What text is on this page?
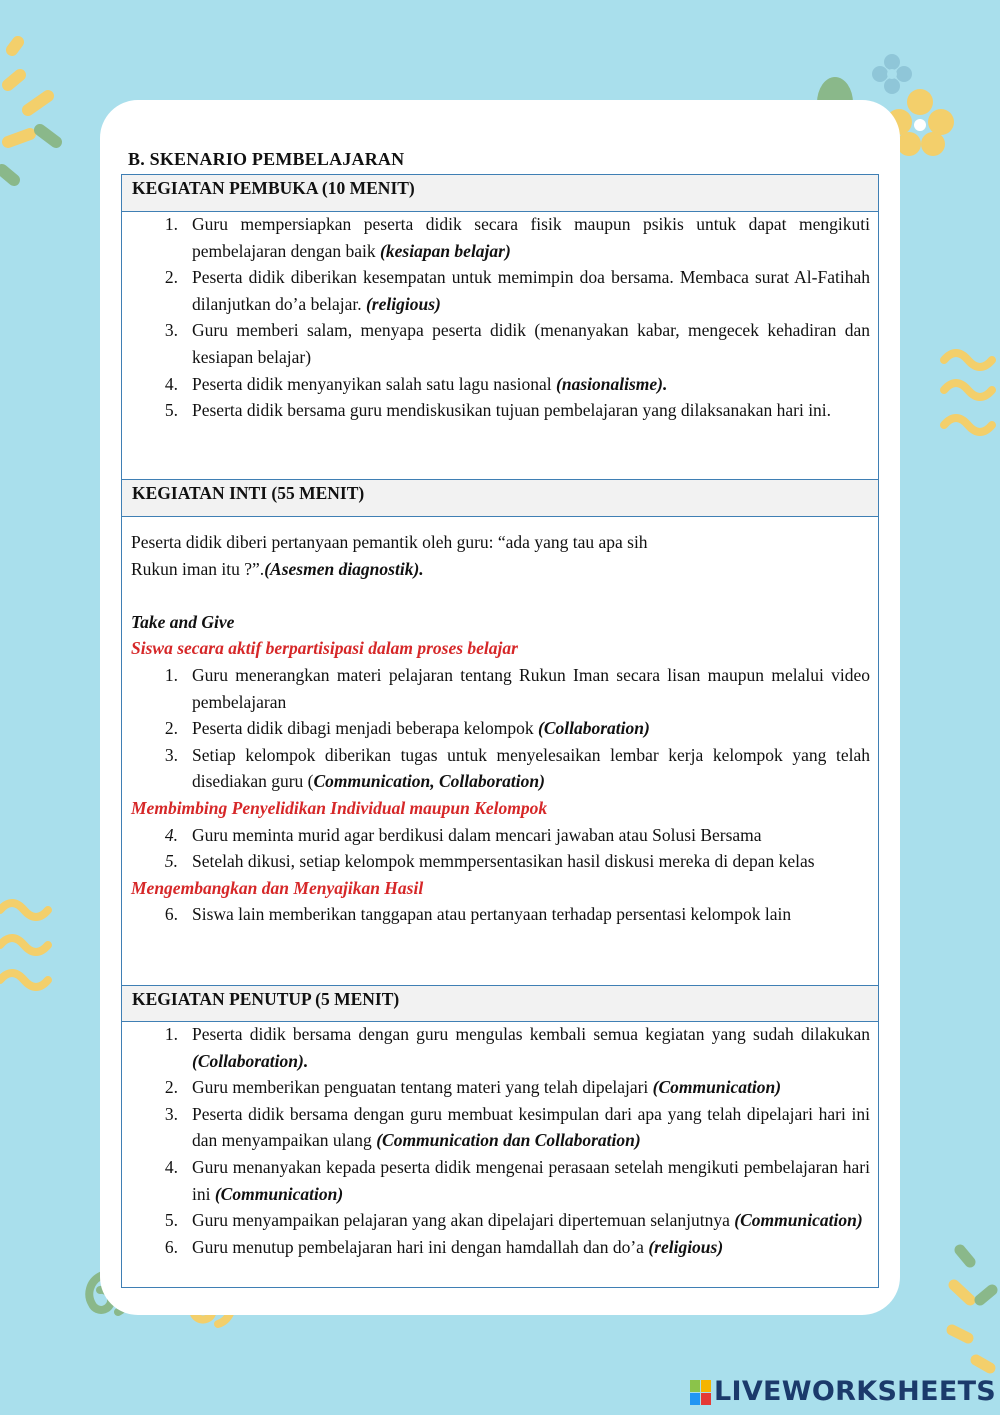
B. SKENARIO PEMBELAJARAN
KEGIATAN PEMBUKA (10 MENIT)
1. Guru mempersiapkan peserta didik secara fisik maupun psikis untuk dapat mengikuti pembelajaran dengan baik (kesiapan belajar)
2. Peserta didik diberikan kesempatan untuk memimpin doa bersama. Membaca surat Al-Fatihah dilanjutkan do’a belajar. (religious)
3. Guru memberi salam, menyapa peserta didik (menanyakan kabar, mengecek kehadiran dan kesiapan belajar)
4. Peserta didik menyanyikan salah satu lagu nasional (nasionalisme).
5. Peserta didik bersama guru mendiskusikan tujuan pembelajaran yang dilaksanakan hari ini.
KEGIATAN INTI (55 MENIT)
Peserta didik diberi pertanyaan pemantik oleh guru: “ada yang tau apa sih
Rukun iman itu ?”.(Asesmen diagnostik).
Take and Give
Siswa secara aktif berpartisipasi dalam proses belajar
1. Guru menerangkan materi pelajaran tentang Rukun Iman secara lisan maupun melalui video pembelajaran
2. Peserta didik dibagi menjadi beberapa kelompok (Collaboration)
3. Setiap kelompok diberikan tugas untuk menyelesaikan lembar kerja kelompok yang telah disediakan guru (Communication, Collaboration)
Membimbing Penyelidikan Individual maupun Kelompok
4. Guru meminta murid agar berdikusi dalam mencari jawaban atau Solusi Bersama
5. Setelah dikusi, setiap kelompok memmpersentasikan hasil diskusi mereka di depan kelas
Mengembangkan dan Menyajikan Hasil
6. Siswa lain memberikan tanggapan atau pertanyaan terhadap persentasi kelompok lain
KEGIATAN PENUTUP (5 MENIT)
1. Peserta didik bersama dengan guru mengulas kembali semua kegiatan yang sudah dilakukan (Collaboration).
2. Guru memberikan penguatan tentang materi yang telah dipelajari (Communication)
3. Peserta didik bersama dengan guru membuat kesimpulan dari apa yang telah dipelajari hari ini dan menyampaikan ulang (Communication dan Collaboration)
4. Guru menanyakan kepada peserta didik mengenai perasaan setelah mengikuti pembelajaran hari ini (Communication)
5. Guru menyampaikan pelajaran yang akan dipelajari dipertemuan selanjutnya (Communication)
6. Guru menutup pembelajaran hari ini dengan hamdallah dan do’a (religious)
LIVEWORKSHEETS
